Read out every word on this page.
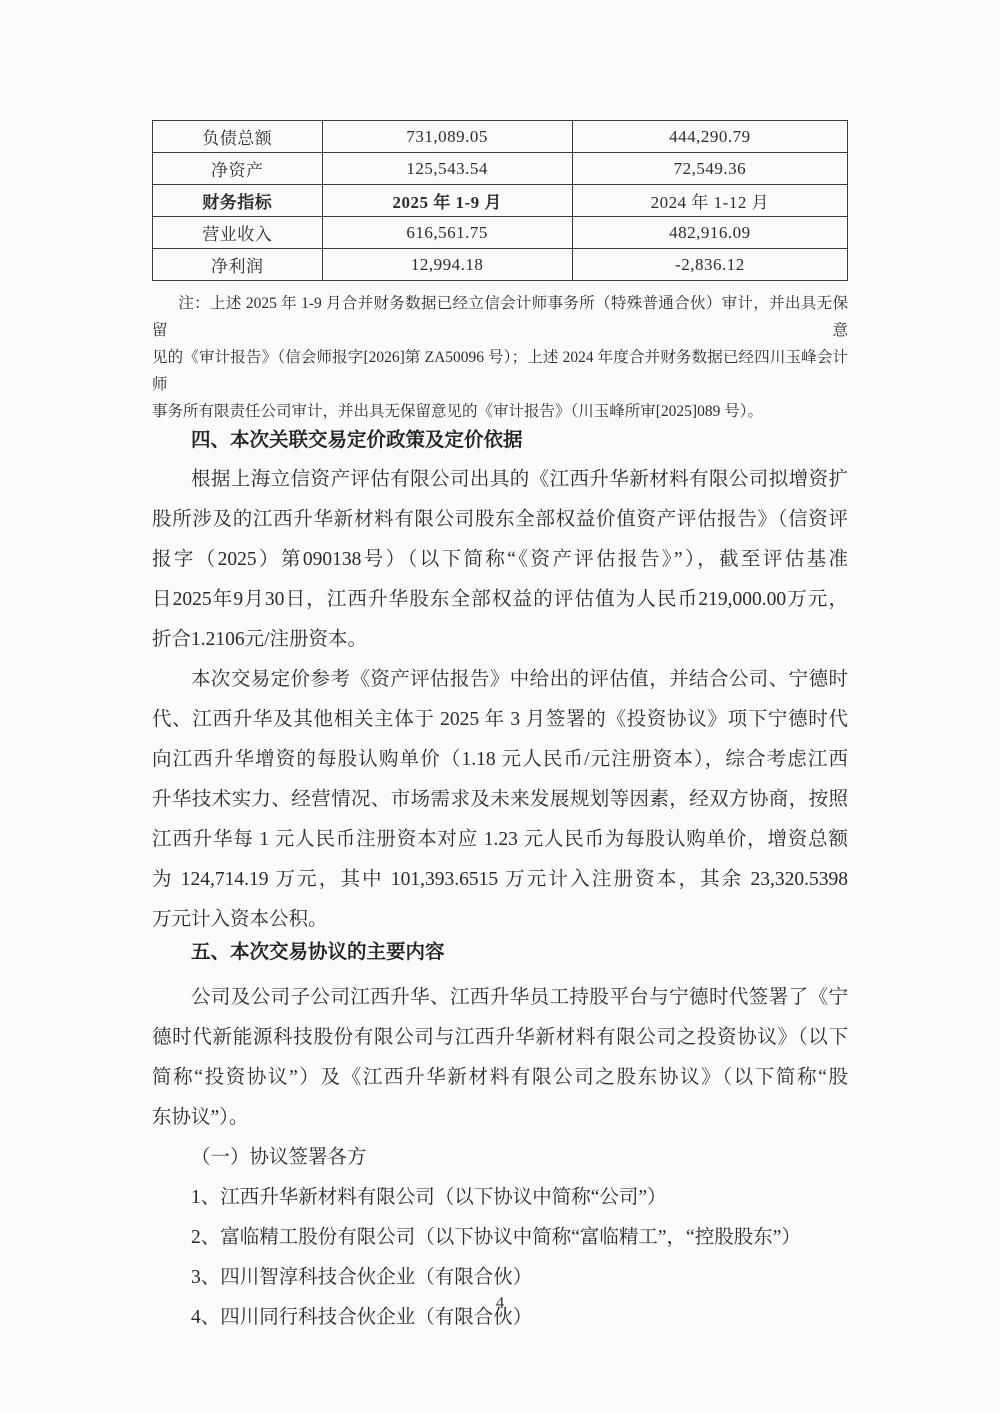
负债总额	731,089.05	444,290.79
净资产	125,543.54	72,549.36
财务指标	2025 年 1-9 月	2024 年 1-12 月
营业收入	616,561.75	482,916.09
净利润	12,994.18	-2,836.12
注：上述 2025 年 1-9 月合并财务数据已经立信会计师事务所（特殊普通合伙）审计，并出具无保留意
见的《审计报告》（信会师报字[2026]第 ZA50096 号）；上述 2024 年度合并财务数据已经四川玉峰会计师
事务所有限责任公司审计，并出具无保留意见的《审计报告》（川玉峰所审[2025]089 号）。
四、本次关联交易定价政策及定价依据
根据上海立信资产评估有限公司出具的《江西升华新材料有限公司拟增资扩
股所涉及的江西升华新材料有限公司股东全部权益价值资产评估报告》（信资评
报字（2025）第090138号）（以下简称“《资产评估报告》”），截至评估基准
日2025年9月30日，江西升华股东全部权益的评估值为人民币219,000.00万元，
折合1.2106元/注册资本。
本次交易定价参考《资产评估报告》中给出的评估值，并结合公司、宁德时
代、江西升华及其他相关主体于 2025 年 3 月签署的《投资协议》项下宁德时代
向江西升华增资的每股认购单价（1.18 元人民币/元注册资本），综合考虑江西
升华技术实力、经营情况、市场需求及未来发展规划等因素，经双方协商，按照
江西升华每 1 元人民币注册资本对应 1.23 元人民币为每股认购单价，增资总额
为 124,714.19 万元，其中 101,393.6515 万元计入注册资本，其余 23,320.5398
万元计入资本公积。
五、本次交易协议的主要内容
公司及公司子公司江西升华、江西升华员工持股平台与宁德时代签署了《宁
德时代新能源科技股份有限公司与江西升华新材料有限公司之投资协议》（以下
简称“投资协议”）及《江西升华新材料有限公司之股东协议》（以下简称“股
东协议”）。
（一）协议签署各方
1、江西升华新材料有限公司（以下协议中简称“公司”）
2、富临精工股份有限公司（以下协议中简称“富临精工”，“控股股东”）
3、四川智淳科技合伙企业（有限合伙）
4、四川同行科技合伙企业（有限合伙）
4
